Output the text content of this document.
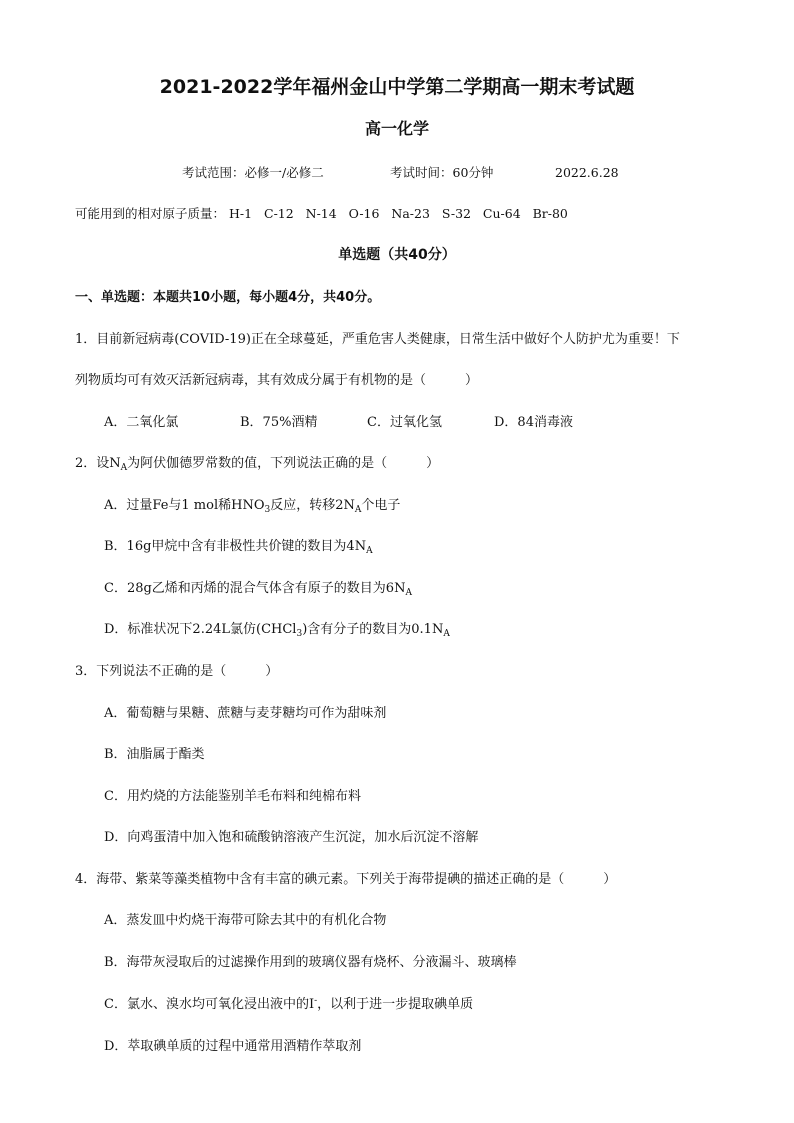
2021-2022学年福州金山中学第二学期高一期末考试题
高一化学
考试范围：必修一/必修二	考试时间：60分钟	2022.6.28
可能用到的相对原子质量： H-1 C-12 N-14 O-16 Na-23 S-32 Cu-64 Br-80
单选题（共40分）
一、单选题：本题共10小题，每小题4分，共40分。
1．目前新冠病毒(COVID-19)正在全球蔓延，严重危害人类健康，日常生活中做好个人防护尤为重要！下
列物质均可有效灭活新冠病毒，其有效成分属于有机物的是（　　　）
A．二氧化氯	B．75%酒精	C．过氧化氢	D．84消毒液
2．设$N_A$为阿伏伽德罗常数的值，下列说法正确的是（　　　）
A．过量Fe与1 mol稀$HNO_3$反应，转移$2N_A$个电子
B．16g甲烷中含有非极性共价键的数目为$4N_A$
C．28g乙烯和丙烯的混合气体含有原子的数目为$6N_A$
D．标准状况下2.24L氯仿(CHCl$_3$)含有分子的数目为$0.1N_A$
3．下列说法不正确的是（　　　）
A．葡萄糖与果糖、蔗糖与麦芽糖均可作为甜味剂
B．油脂属于酯类
C．用灼烧的方法能鉴别羊毛布料和纯棉布料
D．向鸡蛋清中加入饱和硫酸钠溶液产生沉淀，加水后沉淀不溶解
4．海带、紫菜等藻类植物中含有丰富的碘元素。下列关于海带提碘的描述正确的是（　　　）
A．蒸发皿中灼烧干海带可除去其中的有机化合物
B．海带灰浸取后的过滤操作用到的玻璃仪器有烧杯、分液漏斗、玻璃棒
C．氯水、溴水均可氧化浸出液中的I-，以利于进一步提取碘单质
D．萃取碘单质的过程中通常用酒精作萃取剂
